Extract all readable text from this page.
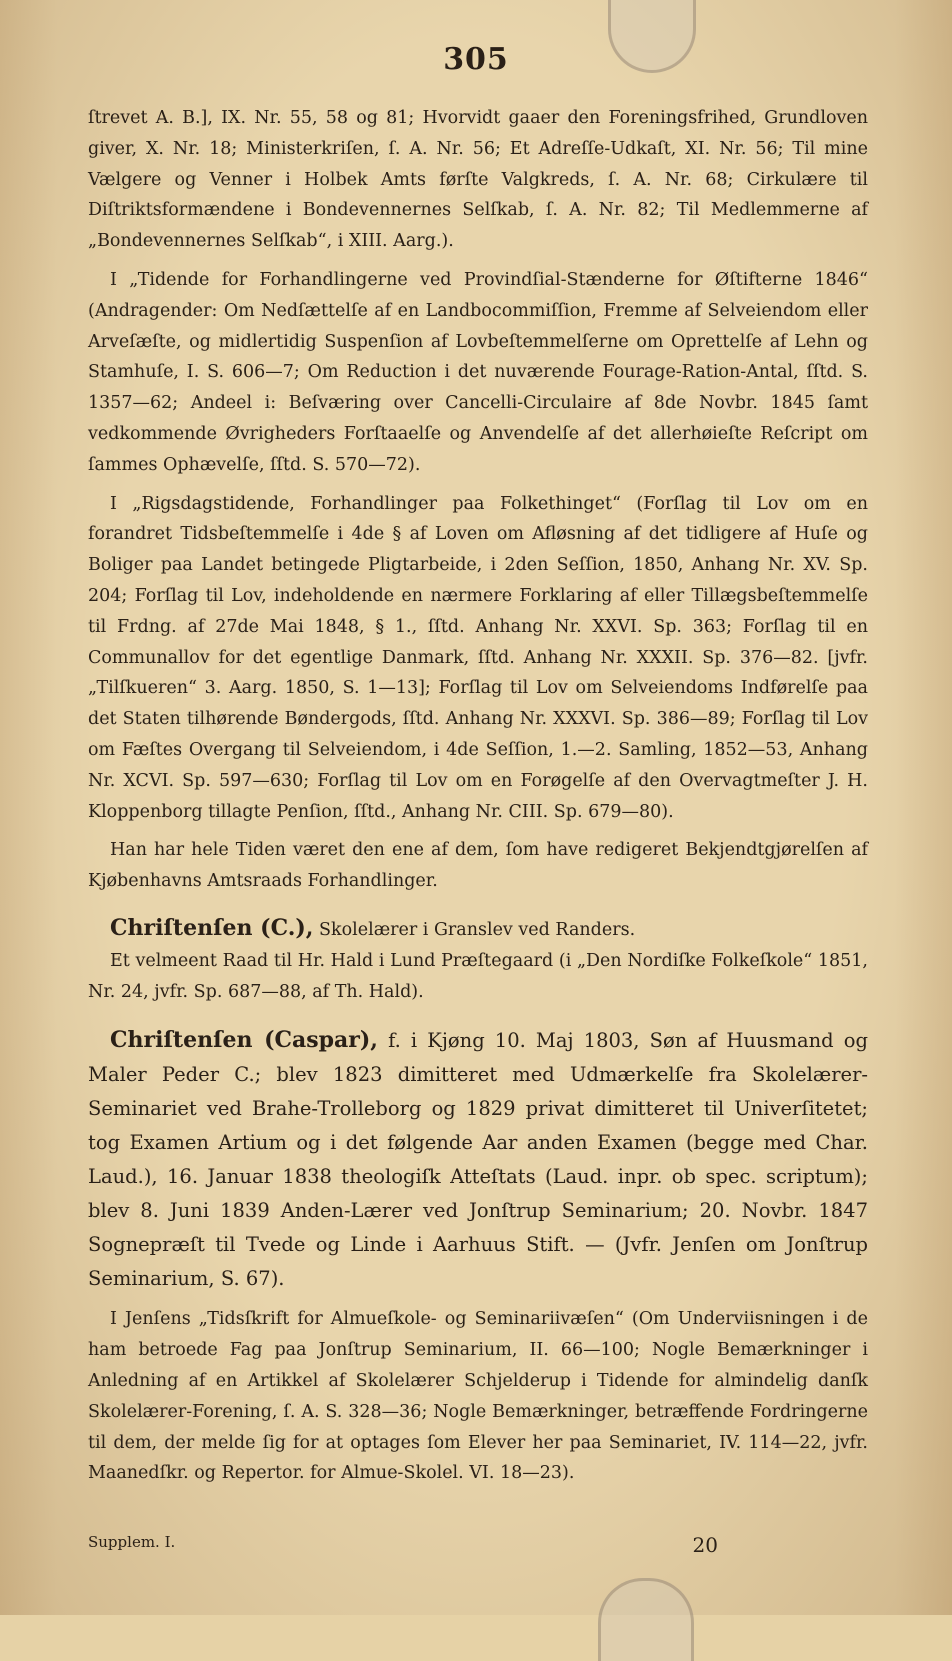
305

ſtrevet A. B.], IX. Nr. 55, 58 og 81; Hvorvidt gaaer den Foreningsfrihed, Grundloven giver, X. Nr. 18; Ministerkriſen, ſ. A. Nr. 56; Et Adreſſe-Udkaſt, XI. Nr. 56; Til mine Vælgere og Venner i Holbek Amts førſte Valgkreds, ſ. A. Nr. 68; Cirkulære til Diſtriktsformændene i Bondevennernes Selſkab, ſ. A. Nr. 82; Til Medlemmerne af „Bondevennernes Selſkab“, i XIII. Aarg.).

I „Tidende for Forhandlingerne ved Provindſial-Stænderne for Øſtifterne 1846“ (Andragender: Om Nedſættelſe af en Landbocommiſſion, Fremme af Selveiendom eller Arveſæſte, og midlertidig Suspenſion af Lovbeſtemmelſerne om Oprettelſe af Lehn og Stamhuſe, I. S. 606—7; Om Reduction i det nuværende Fourage-Ration-Antal, ſſtd. S. 1357—62; Andeel i: Beſværing over Cancelli-Circulaire af 8de Novbr. 1845 ſamt vedkommende Øvrigheders Forſtaaelſe og Anvendelſe af det allerhøieſte Reſcript om ſammes Ophævelſe, ſſtd. S. 570—72).

I „Rigsdagstidende, Forhandlinger paa Folkethinget“ (Forſlag til Lov om en forandret Tidsbeſtemmelſe i 4de § af Loven om Afløsning af det tidligere af Huſe og Boliger paa Landet betingede Pligtarbeide, i 2den Seſſion, 1850, Anhang Nr. XV. Sp. 204; Forſlag til Lov, indeholdende en nærmere Forklaring af eller Tillægsbeſtemmelſe til Frdng. af 27de Mai 1848, § 1., ſſtd. Anhang Nr. XXVI. Sp. 363; Forſlag til en Communallov for det egentlige Danmark, ſſtd. Anhang Nr. XXXII. Sp. 376—82. [jvfr. „Tilſkueren“ 3. Aarg. 1850, S. 1—13]; Forſlag til Lov om Selveiendoms Indførelſe paa det Staten tilhørende Bøndergods, ſſtd. Anhang Nr. XXXVI. Sp. 386—89; Forſlag til Lov om Fæſtes Overgang til Selveiendom, i 4de Seſſion, 1.—2. Samling, 1852—53, Anhang Nr. XCVI. Sp. 597—630; Forſlag til Lov om en Forøgelſe af den Overvagtmeſter J. H. Kloppenborg tillagte Penſion, ſſtd., Anhang Nr. CIII. Sp. 679—80).

Han har hele Tiden været den ene af dem, ſom have redigeret Bekjendtgjørelſen af Kjøbenhavns Amtsraads Forhandlinger.

Chriſtenſen (C.), Skolelærer i Granslev ved Randers.

Et velmeent Raad til Hr. Hald i Lund Præſtegaard (i „Den Nordiſke Folkeſkole“ 1851, Nr. 24, jvfr. Sp. 687—88, af Th. Hald).

Chriſtenſen (Caspar), f. i Kjøng 10. Maj 1803, Søn af Huusmand og Maler Peder C.; blev 1823 dimitteret med Udmærkelſe fra Skolelærer-Seminariet ved Brahe-Trolleborg og 1829 privat dimitteret til Univerſitetet; tog Examen Artium og i det følgende Aar anden Examen (begge med Char. Laud.), 16. Januar 1838 theologiſk Atteſtats (Laud. inpr. ob spec. scriptum); blev 8. Juni 1839 Anden-Lærer ved Jonſtrup Seminarium; 20. Novbr. 1847 Sognepræſt til Tvede og Linde i Aarhuus Stift. — (Jvfr. Jenſen om Jonſtrup Seminarium, S. 67).

I Jenſens „Tidsſkrift for Almueſkole- og Seminariivæſen“ (Om Underviisningen i de ham betroede Fag paa Jonſtrup Seminarium, II. 66—100; Nogle Bemærkninger i Anledning af en Artikkel af Skolelærer Schjelderup i Tidende for almindelig danſk Skolelærer-Forening, ſ. A. S. 328—36; Nogle Bemærkninger, betræffende Fordringerne til dem, der melde ſig for at optages ſom Elever her paa Seminariet, IV. 114—22, jvfr. Maanedſkr. og Repertor. for Almue-Skolel. VI. 18—23).

Supplem. I.	20
